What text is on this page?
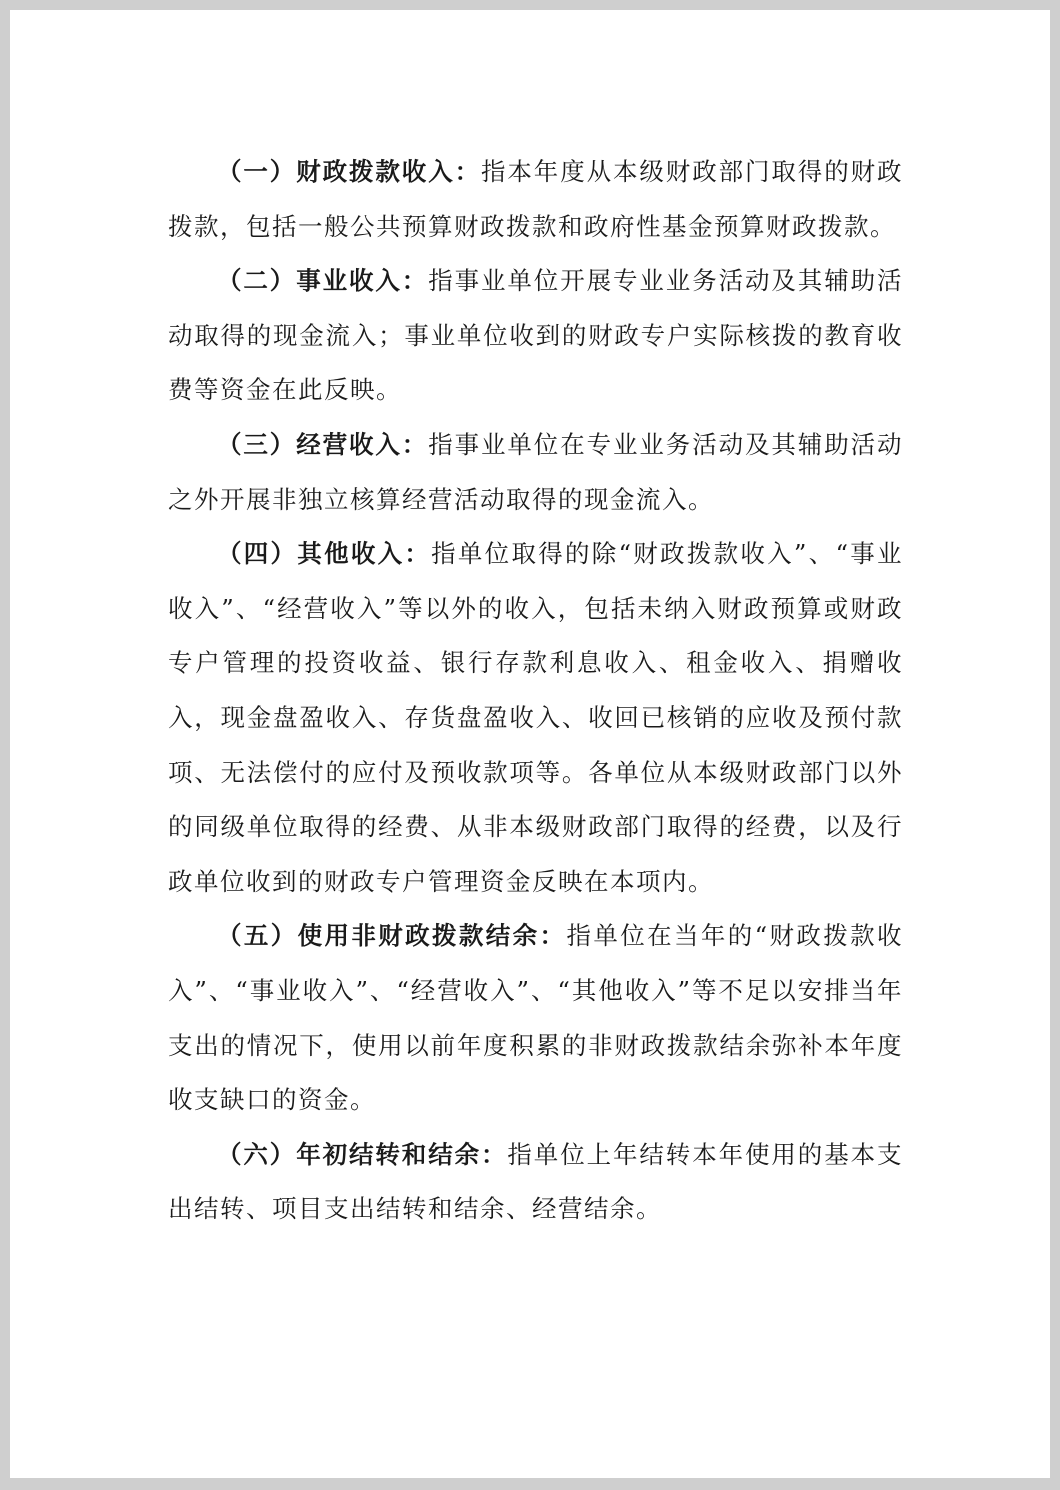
（一）财政拨款收入：指本年度从本级财政部门取得的财政拨款，包括一般公共预算财政拨款和政府性基金预算财政拨款。

（二）事业收入：指事业单位开展专业业务活动及其辅助活动取得的现金流入；事业单位收到的财政专户实际核拨的教育收费等资金在此反映。

（三）经营收入：指事业单位在专业业务活动及其辅助活动之外开展非独立核算经营活动取得的现金流入。

（四）其他收入：指单位取得的除“财政拨款收入”、“事业收入”、“经营收入”等以外的收入，包括未纳入财政预算或财政专户管理的投资收益、银行存款利息收入、租金收入、捐赠收入，现金盘盈收入、存货盘盈收入、收回已核销的应收及预付款项、无法偿付的应付及预收款项等。各单位从本级财政部门以外的同级单位取得的经费、从非本级财政部门取得的经费，以及行政单位收到的财政专户管理资金反映在本项内。

（五）使用非财政拨款结余：指单位在当年的“财政拨款收入”、“事业收入”、“经营收入”、“其他收入”等不足以安排当年支出的情况下，使用以前年度积累的非财政拨款结余弥补本年度收支缺口的资金。

（六）年初结转和结余：指单位上年结转本年使用的基本支出结转、项目支出结转和结余、经营结余。
